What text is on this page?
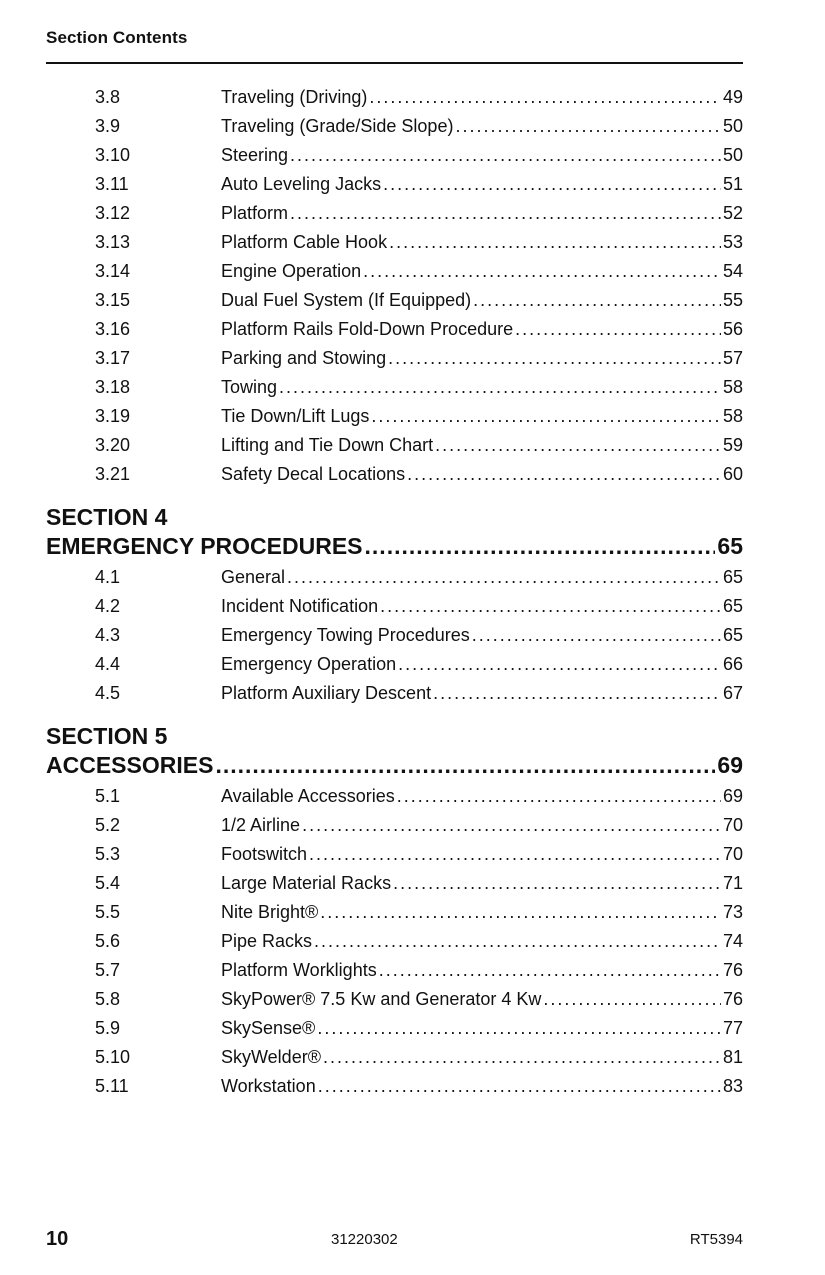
Section Contents
3.8	Traveling (Driving) .....	49
3.9	Traveling (Grade/Side Slope) .....	50
3.10	Steering .....	50
3.11	Auto Leveling Jacks .....	51
3.12	Platform .....	52
3.13	Platform Cable Hook .....	53
3.14	Engine Operation .....	54
3.15	Dual Fuel System (If Equipped) .....	55
3.16	Platform Rails Fold-Down Procedure .....	56
3.17	Parking and Stowing .....	57
3.18	Towing .....	58
3.19	Tie Down/Lift Lugs .....	58
3.20	Lifting and Tie Down Chart .....	59
3.21	Safety Decal Locations .....	60
SECTION 4
EMERGENCY PROCEDURES .....	65
4.1	General .....	65
4.2	Incident Notification .....	65
4.3	Emergency Towing Procedures .....	65
4.4	Emergency Operation .....	66
4.5	Platform Auxiliary Descent .....	67
SECTION 5
ACCESSORIES .....	69
5.1	Available Accessories .....	69
5.2	1/2 Airline .....	70
5.3	Footswitch .....	70
5.4	Large Material Racks .....	71
5.5	Nite Bright® .....	73
5.6	Pipe Racks .....	74
5.7	Platform Worklights .....	76
5.8	SkyPower® 7.5 Kw and Generator 4 Kw .....	76
5.9	SkySense® .....	77
5.10	SkyWelder® .....	81
5.11	Workstation .....	83
10	31220302	RT5394
